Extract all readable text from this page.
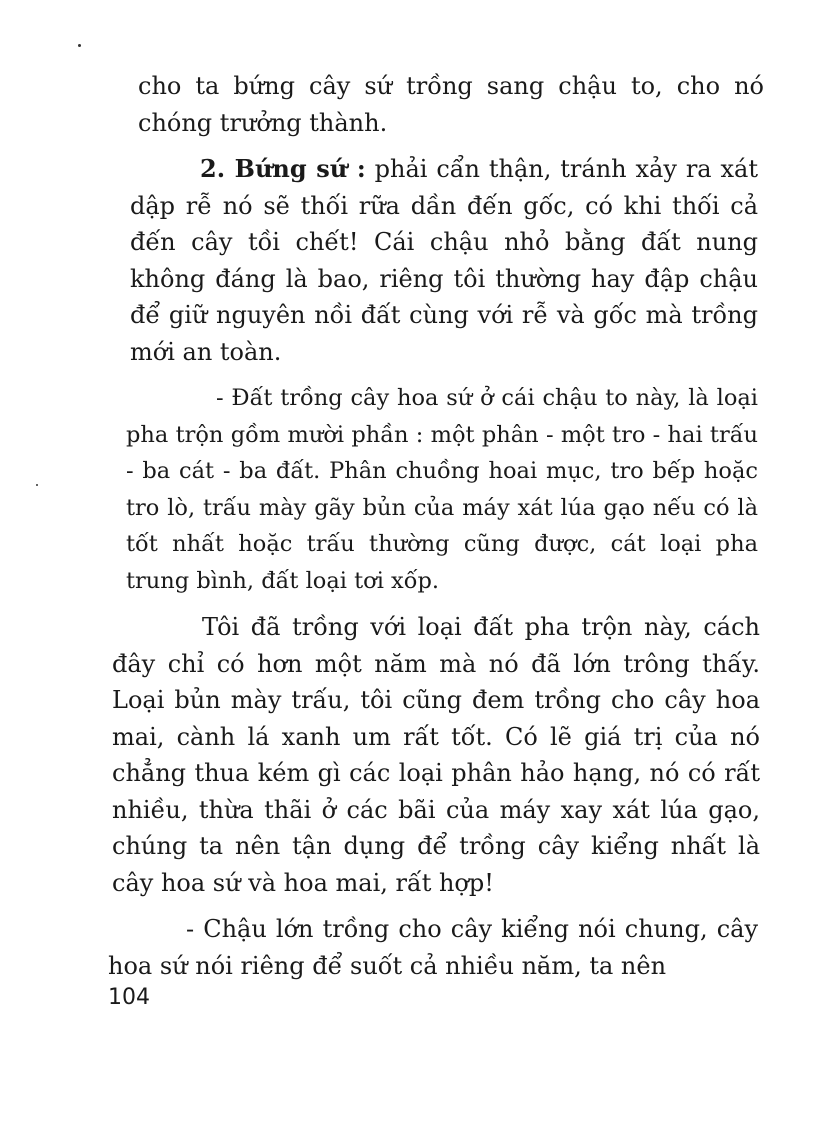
cho ta bứng cây sứ trồng sang chậu to, cho nó chóng trưởng thành.

2. Bứng sứ : phải cẩn thận, tránh xảy ra xát dập rễ nó sẽ thối rữa dần đến gốc, có khi thối cả đến cây tồi chết! Cái chậu nhỏ bằng đất nung không đáng là bao, riêng tôi thường hay đập chậu để giữ nguyên nồi đất cùng với rễ và gốc mà trồng mới an toàn.

- Đất trồng cây hoa sứ ở cái chậu to này, là loại pha trộn gồm mười phần : một phân - một tro - hai trấu - ba cát - ba đất. Phân chuồng hoai mục, tro bếp hoặc tro lò, trấu mày gãy bủn của máy xát lúa gạo nếu có là tốt nhất hoặc trấu thường cũng được, cát loại pha trung bình, đất loại tơi xốp.

Tôi đã trồng với loại đất pha trộn này, cách đây chỉ có hơn một năm mà nó đã lớn trông thấy. Loại bủn mày trấu, tôi cũng đem trồng cho cây hoa mai, cành lá xanh um rất tốt. Có lẽ giá trị của nó chẳng thua kém gì các loại phân hảo hạng, nó có rất nhiều, thừa thãi ở các bãi của máy xay xát lúa gạo, chúng ta nên tận dụng để trồng cây kiểng nhất là cây hoa sứ và hoa mai, rất hợp!

- Chậu lớn trồng cho cây kiểng nói chung, cây hoa sứ nói riêng để suốt cả nhiều năm, ta nên

104
